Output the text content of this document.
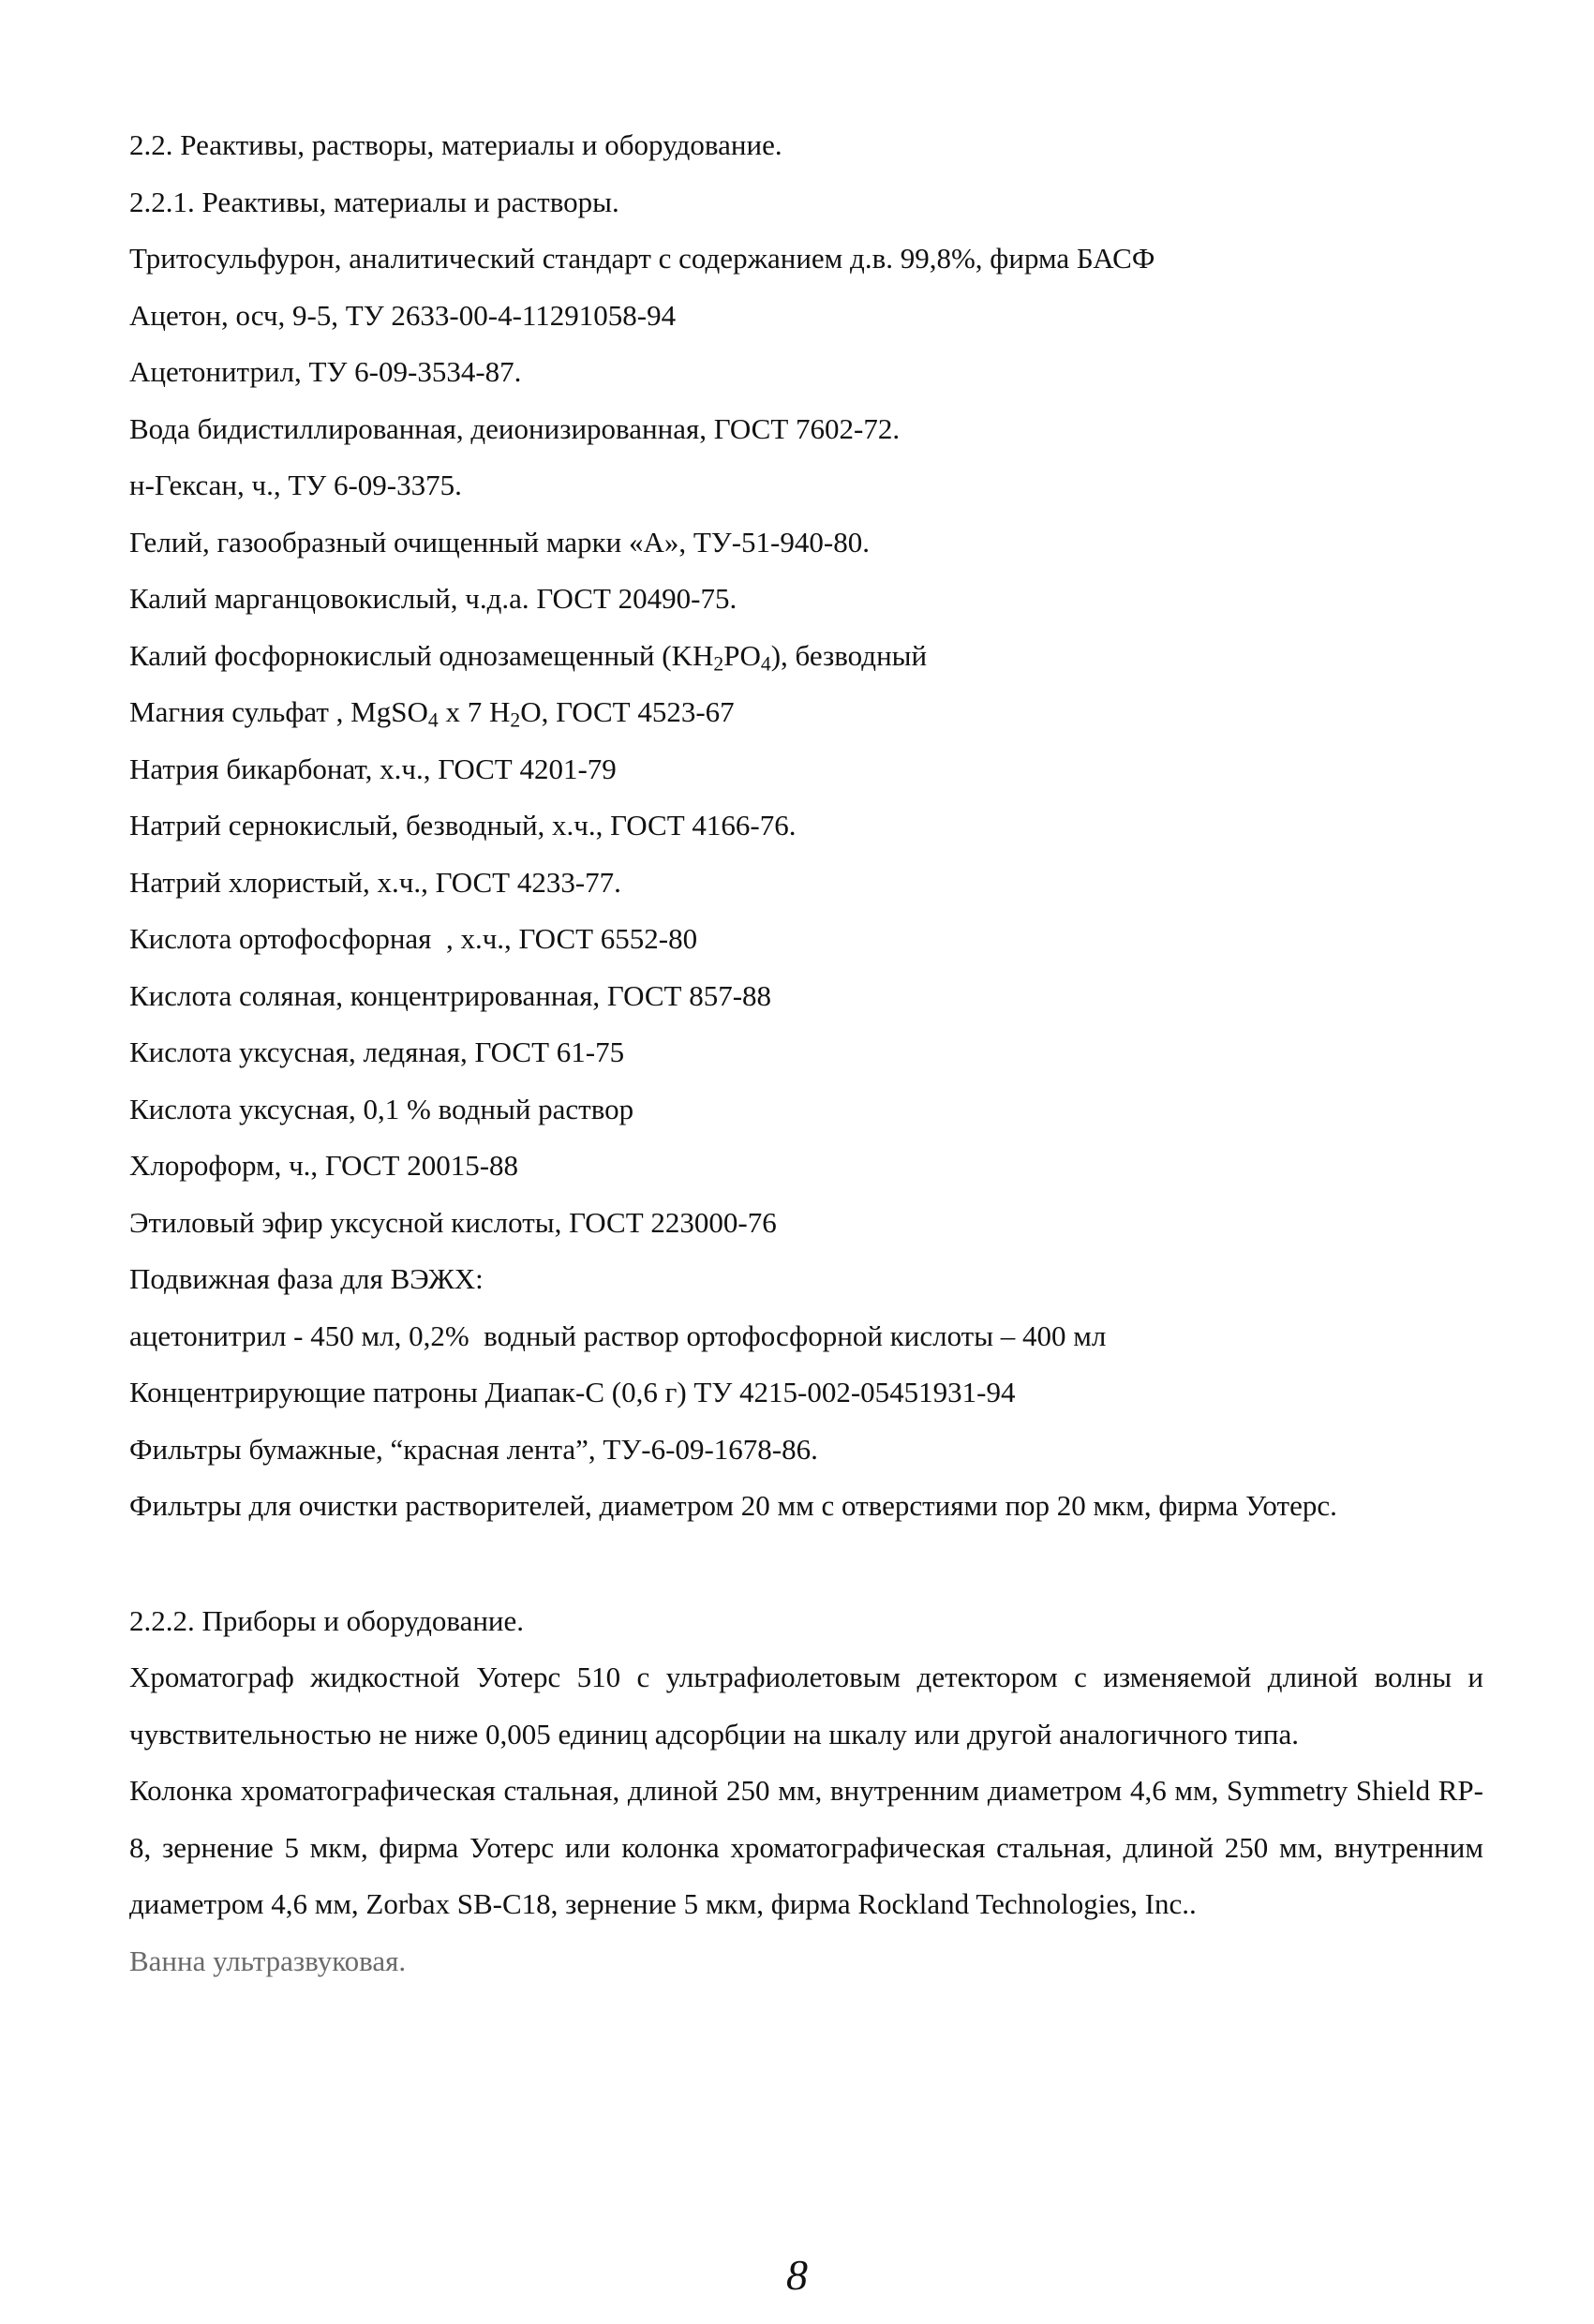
2.2. Реактивы, растворы, материалы и оборудование.
2.2.1. Реактивы, материалы и растворы.
Тритосульфурон, аналитический стандарт с содержанием д.в. 99,8%, фирма БАСФ
Ацетон, осч, 9-5, ТУ 2633-00-4-11291058-94
Ацетонитрил, ТУ 6-09-3534-87.
Вода бидистиллированная, деионизированная, ГОСТ 7602-72.
н-Гексан, ч., ТУ 6-09-3375.
Гелий, газообразный очищенный марки «А», ТУ-51-940-80.
Калий марганцовокислый, ч.д.а. ГОСТ 20490-75.
Калий фосфорнокислый однозамещенный $(KH_2PO_4)$, безводный
Магния сульфат , MgSO$_4$ x 7 $H_2O$, ГОСТ 4523-67
Натрия бикарбонат, х.ч., ГОСТ 4201-79
Натрий сернокислый, безводный, х.ч., ГОСТ 4166-76.
Натрий хлористый, х.ч., ГОСТ 4233-77.
Кислота ортофосфорная  , х.ч., ГОСТ 6552-80
Кислота соляная, концентрированная, ГОСТ 857-88
Кислота уксусная, ледяная, ГОСТ 61-75
Кислота уксусная, 0,1 % водный раствор
Хлороформ, ч., ГОСТ 20015-88
Этиловый эфир уксусной кислоты, ГОСТ 223000-76
Подвижная фаза для ВЭЖХ:
ацетонитрил - 450 мл, 0,2%  водный раствор ортофосфорной кислоты – 400 мл
Концентрирующие патроны Диапак-С (0,6 г) ТУ 4215-002-05451931-94
Фильтры бумажные, “красная лента”, ТУ-6-09-1678-86.
Фильтры для очистки растворителей, диаметром 20 мм с отверстиями пор 20 мкм, фирма Уотерс.
2.2.2. Приборы и оборудование.
Хроматограф жидкостной Уотерс 510 с ультрафиолетовым детектором с изменяемой длиной волны и чувствительностью не ниже 0,005 единиц адсорбции на шкалу или другой аналогичного типа.
Колонка хроматографическая стальная, длиной 250 мм, внутренним диаметром 4,6 мм, Symmetry Shield RP-8, зернение 5 мкм, фирма Уотерс или колонка хроматографическая стальная, длиной 250 мм, внутренним диаметром 4,6 мм, Zorbax SB-C18, зернение 5 мкм, фирма Rockland Technologies, Inc..
Ванна ультразвуковая.
8
